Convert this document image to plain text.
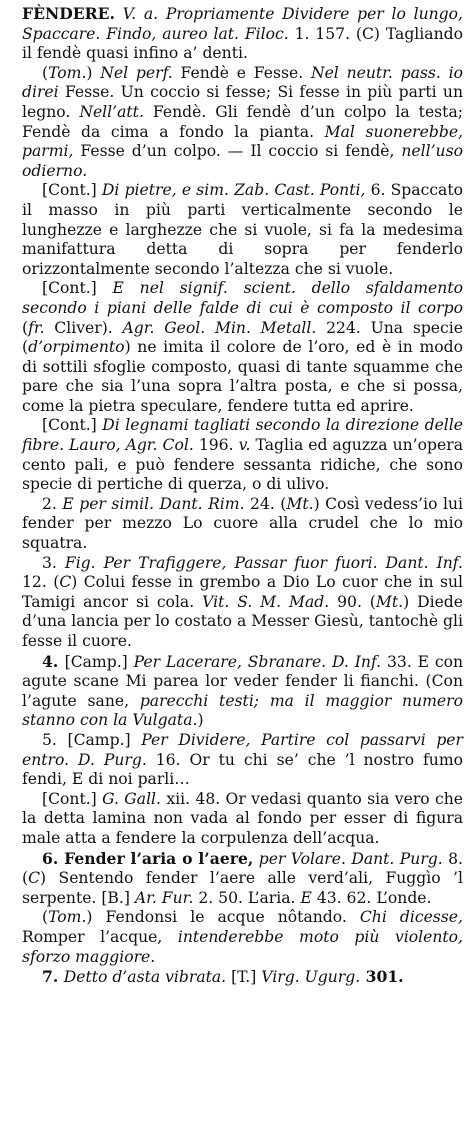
FÈNDERE. V. a. Propriamente Dividere per lo lungo, Spaccare. Findo, aureo lat. Filoc. 1. 157. (C) Tagliando il fendè quasi infino a’ denti.

(Tom.) Nel perf. Fendè e Fesse. Nel neutr. pass. io direi Fesse. Un coccio si fesse; Si fesse in più parti un legno. Nell’att. Fendè. Gli fendè d’un colpo la testa; Fendè da cima a fondo la pianta. Mal suonerebbe, parmi, Fesse d’un colpo. — Il coccio si fendè, nell’uso odierno.

[Cont.] Di pietre, e sim. Zab. Cast. Ponti, 6. Spaccato il masso in più parti verticalmente secondo le lunghezze e larghezze che si vuole, si fa la medesima manifattura detta di sopra per fenderlo orizzontalmente secondo l’altezza che si vuole.

[Cont.] E nel signif. scient. dello sfaldamento secondo i piani delle falde di cui è composto il corpo (fr. Cliver). Agr. Geol. Min. Metall. 224. Una specie (d’orpimento) ne imita il colore de l’oro, ed è in modo di sottili sfoglie composto, quasi di tante squamme che pare che sia l’una sopra l’altra posta, e che si possa, come la pietra speculare, fendere tutta ed aprire.

[Cont.] Di legnami tagliati secondo la direzione delle fibre. Lauro, Agr. Col. 196. v. Taglia ed aguzza un’opera cento pali, e può fendere sessanta ridiche, che sono specie di pertiche di querza, o di ulivo.

2. E per simil. Dant. Rim. 24. (Mt.) Così vedess’io lui fender per mezzo Lo cuore alla crudel che lo mio squatra.

3. Fig. Per Trafiggere, Passar fuor fuori. Dant. Inf. 12. (C) Colui fesse in grembo a Dio Lo cuor che in sul Tamigi ancor si cola. Vit. S. M. Mad. 90. (Mt.) Diede d’una lancia per lo costato a Messer Giesù, tantochè gli fesse il cuore.

4. [Camp.] Per Lacerare, Sbranare. D. Inf. 33. E con agute scane Mi parea lor veder fender li fianchi. (Con l’agute sane, parecchi testi; ma il maggior numero stanno con la Vulgata.)

5. [Camp.] Per Dividere, Partire col passarvi per entro. D. Purg. 16. Or tu chi se’ che ’l nostro fumo fendi, E di noi parli…

[Cont.] G. Gall. xii. 48. Or vedasi quanto sia vero che la detta lamina non vada al fondo per esser di figura male atta a fendere la corpulenza dell’acqua.

6. Fender l’aria o l’aere, per Volare. Dant. Purg. 8. (C) Sentendo fender l’aere alle verd’ali, Fuggìo ’l serpente. [B.] Ar. Fur. 2. 50. L’aria. E 43. 62. L’onde.

(Tom.) Fendonsi le acque nôtando. Chi dicesse, Romper l’acque, intenderebbe moto più violento, sforzo maggiore.

7. Detto d’asta vibrata. [T.] Virg. Ugurg. 301.
